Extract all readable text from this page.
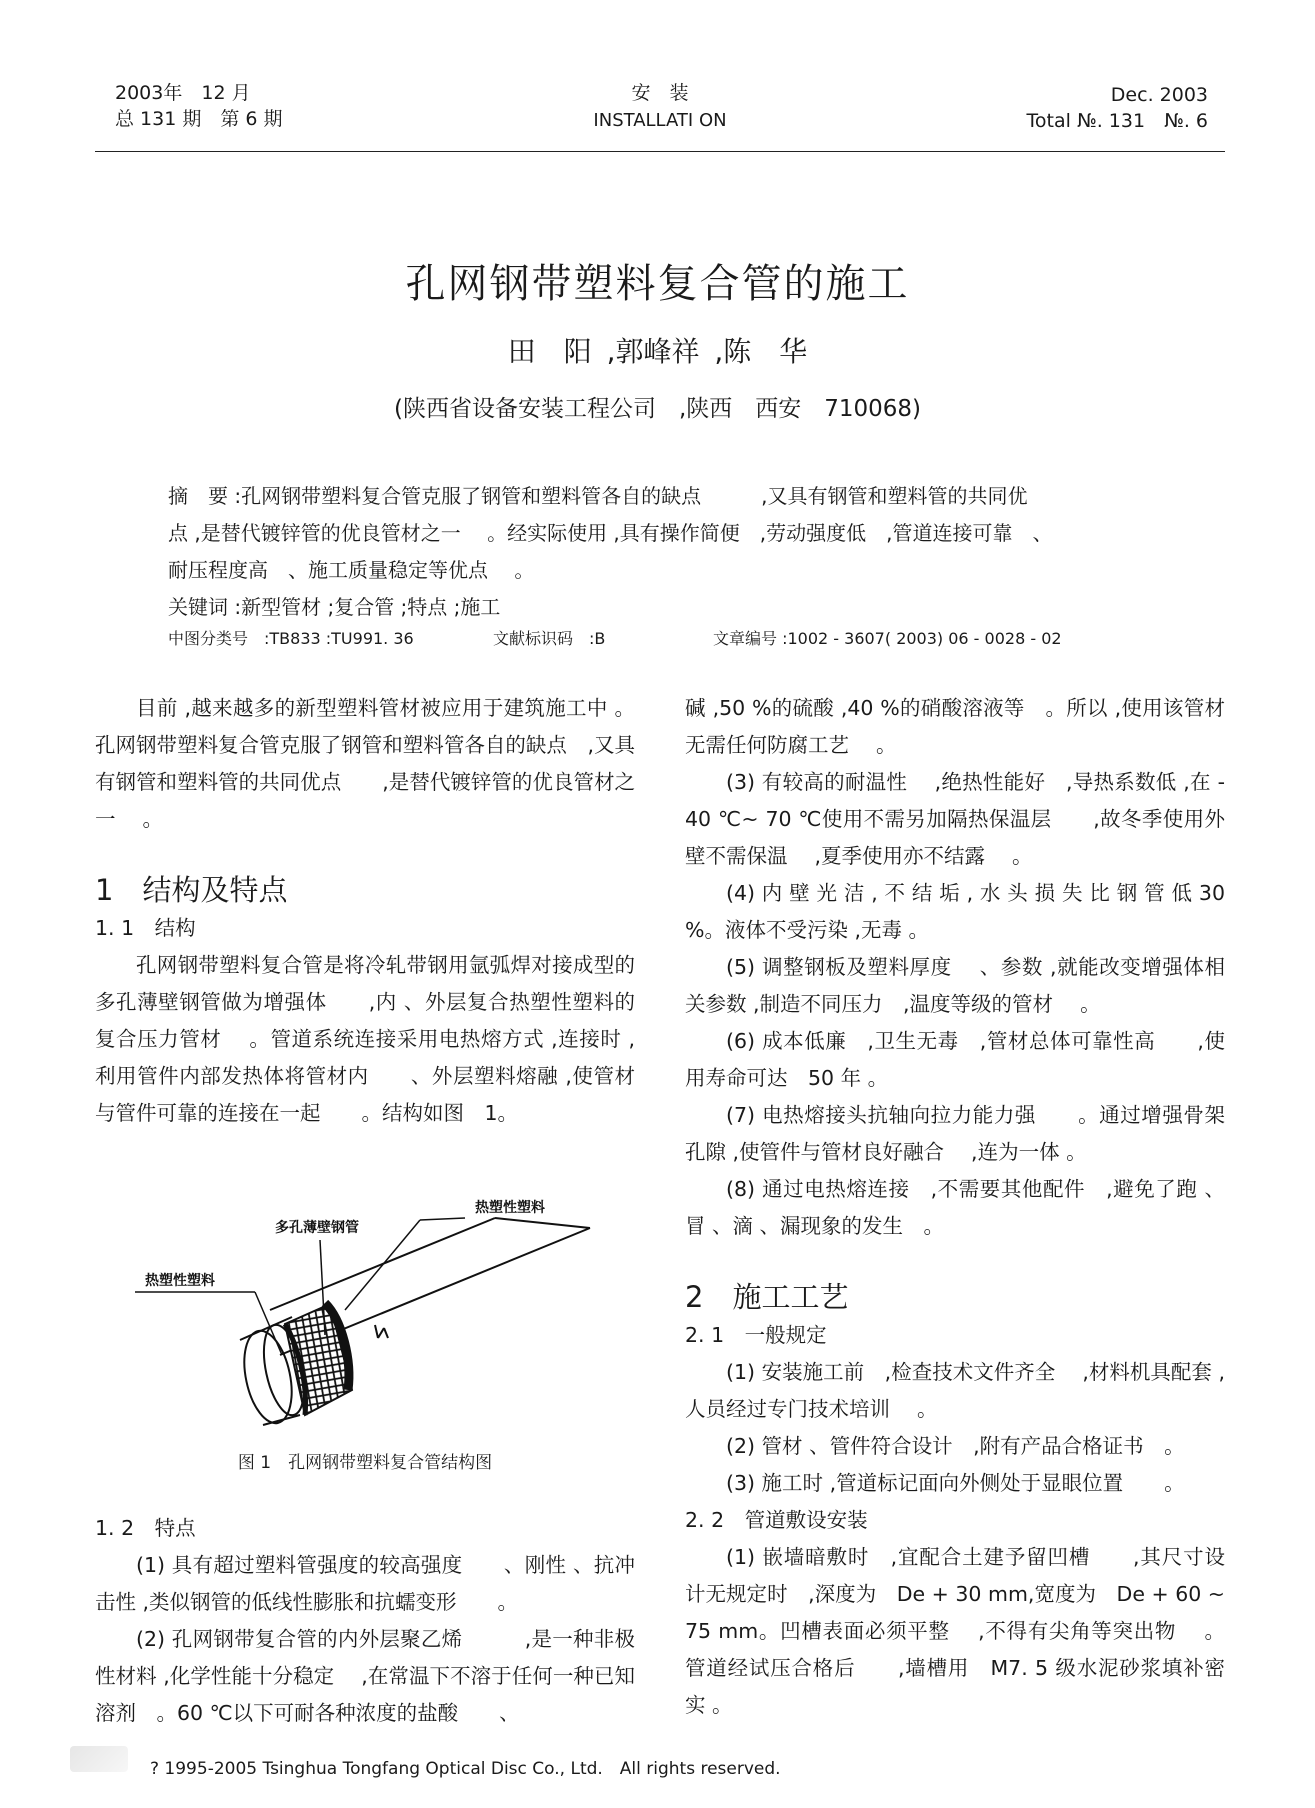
2003年　12 月
总 131 期　第 6 期
安　装
INSTALLATI ON
Dec. 2003
Total №. 131　№. 6
孔网钢带塑料复合管的施工
田　阳 ,郭峰祥 ,陈　华
(陕西省设备安装工程公司　,陕西　西安　710068)

摘　要 :孔网钢带塑料复合管克服了钢管和塑料管各自的缺点　　　,又具有钢管和塑料管的共同优

点 ,是替代镀锌管的优良管材之一　 。经实际使用 ,具有操作简便　,劳动强度低　,管道连接可靠　、

耐压程度高　、施工质量稳定等优点　 。

关键词 :新型管材 ;复合管 ;特点 ;施工

中图分类号　:TB833 :TU991. 36	文献标识码　:B	文章编号 :1002 - 3607( 2003) 06 - 0028 - 02

目前 ,越来越多的新型塑料管材被应用于建筑施工中 。孔网钢带塑料复合管克服了钢管和塑料管各自的缺点　,又具有钢管和塑料管的共同优点　　,是替代镀锌管的优良管材之一　 。

1　结构及特点

1. 1　结构

孔网钢带塑料复合管是将冷轧带钢用氩弧焊对接成型的多孔薄壁钢管做为增强体　　,内 、外层复合热塑性塑料的复合压力管材　 。管道系统连接采用电热熔方式 ,连接时 ,利用管件内部发热体将管材内　　、外层塑料熔融 ,使管材与管件可靠的连接在一起　　。结构如图　1。

热塑性塑料
多孔薄壁钢管
热塑性塑料
图 1　孔网钢带塑料复合管结构图

1. 2　特点

(1) 具有超过塑料管强度的较高强度　　、刚性 、抗冲击性 ,类似钢管的低线性膨胀和抗蠕变形　　。

(2) 孔网钢带复合管的内外层聚乙烯　　　,是一种非极性材料 ,化学性能十分稳定　 ,在常温下不溶于任何一种已知溶剂　。60 ℃以下可耐各种浓度的盐酸　　、

碱 ,50 %的硫酸 ,40 %的硝酸溶液等　。所以 ,使用该管材无需任何防腐工艺　 。

(3) 有较高的耐温性　 ,绝热性能好　,导热系数低 ,在 - 40 ℃~ 70 ℃使用不需另加隔热保温层　　,故冬季使用外壁不需保温　 ,夏季使用亦不结露　 。

(4) 内 壁 光 洁 , 不 结 垢 , 水 头 损 失 比 钢 管 低 30 %。液体不受污染 ,无毒 。

(5) 调整钢板及塑料厚度　 、参数 ,就能改变增强体相关参数 ,制造不同压力　,温度等级的管材　 。

(6) 成本低廉　,卫生无毒　,管材总体可靠性高　　,使用寿命可达　50 年 。

(7) 电热熔接头抗轴向拉力能力强　　。通过增强骨架孔隙 ,使管件与管材良好融合　 ,连为一体 。

(8) 通过电热熔连接　,不需要其他配件　,避免了跑 、冒 、滴 、漏现象的发生　。

2　施工工艺

2. 1　一般规定

(1) 安装施工前　,检查技术文件齐全　 ,材料机具配套 ,人员经过专门技术培训　 。

(2) 管材 、管件符合设计　,附有产品合格证书　。

(3) 施工时 ,管道标记面向外侧处于显眼位置　　。

2. 2　管道敷设安装

(1) 嵌墙暗敷时　,宜配合土建予留凹槽　　,其尺寸设计无规定时　,深度为　De + 30 mm,宽度为　De + 60 ~ 75 mm。凹槽表面必须平整　 ,不得有尖角等突出物　 。管道经试压合格后　　,墙槽用　M7. 5 级水泥砂浆填补密实 。

? 1995-2005 Tsinghua Tongfang Optical Disc Co., Ltd.　All rights reserved.
